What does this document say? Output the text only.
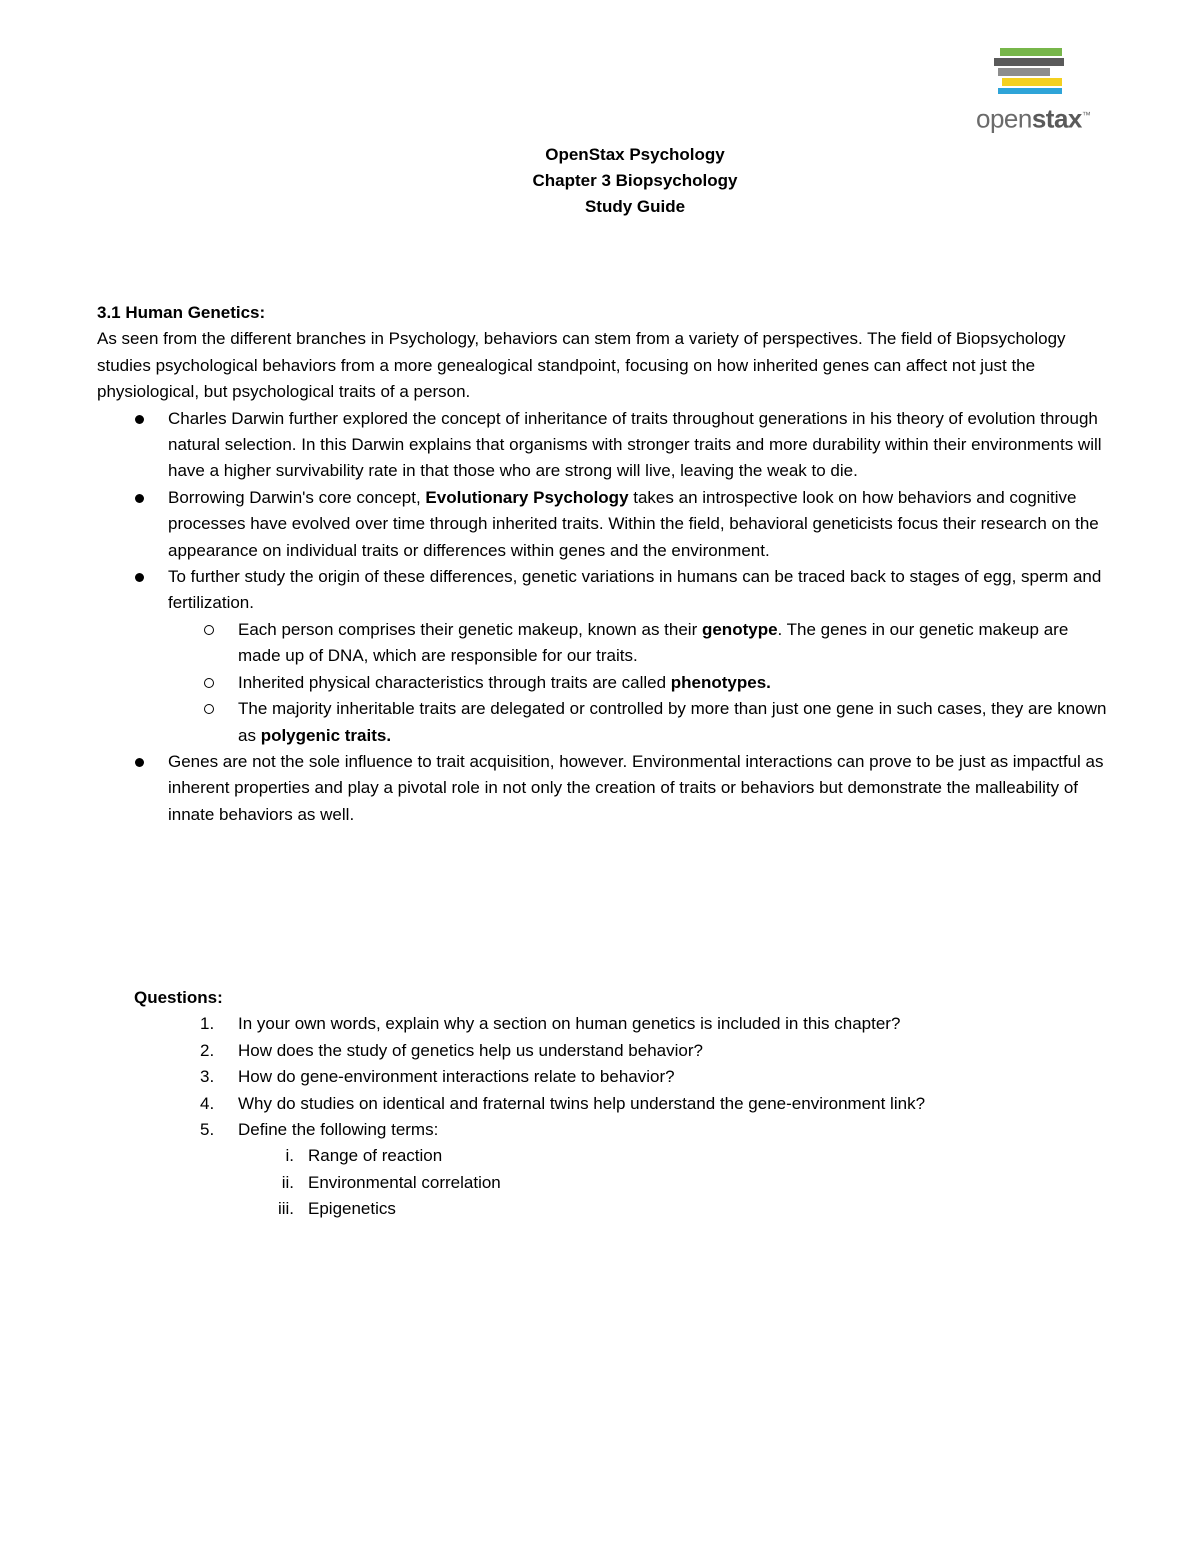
openstax™
OpenStax Psychology
Chapter 3 Biopsychology
Study Guide

3.1 Human Genetics:

As seen from the different branches in Psychology, behaviors can stem from a variety of perspectives. The field of Biopsychology studies psychological behaviors from a more genealogical standpoint, focusing on how inherited genes can affect not just the physiological, but psychological traits of a person.

Charles Darwin further explored the concept of inheritance of traits throughout generations in his theory of evolution through natural selection. In this Darwin explains that organisms with stronger traits and more durability within their environments will have a higher survivability rate in that those who are strong will live, leaving the weak to die.
Borrowing Darwin's core concept, Evolutionary Psychology takes an introspective look on how behaviors and cognitive processes have evolved over time through inherited traits. Within the field, behavioral geneticists focus their research on the appearance on individual traits or differences within genes and the environment.
To further study the origin of these differences, genetic variations in humans can be traced back to stages of egg, sperm and fertilization.
Each person comprises their genetic makeup, known as their genotype. The genes in our genetic makeup are made up of DNA, which are responsible for our traits.
Inherited physical characteristics through traits are called phenotypes.
The majority inheritable traits are delegated or controlled by more than just one gene in such cases, they are known as polygenic traits.
Genes are not the sole influence to trait acquisition, however. Environmental interactions can prove to be just as impactful as inherent properties and play a pivotal role in not only the creation of traits or behaviors but demonstrate the malleability of innate behaviors as well.

Questions:

1.	In your own words, explain why a section on human genetics is included in this chapter?
2.	How does the study of genetics help us understand behavior?
3.	How do gene-environment interactions relate to behavior?
4.	Why do studies on identical and fraternal twins help understand the gene-environment link?
5.	Define the following terms:
i. Range of reaction
ii. Environmental correlation
iii. Epigenetics
